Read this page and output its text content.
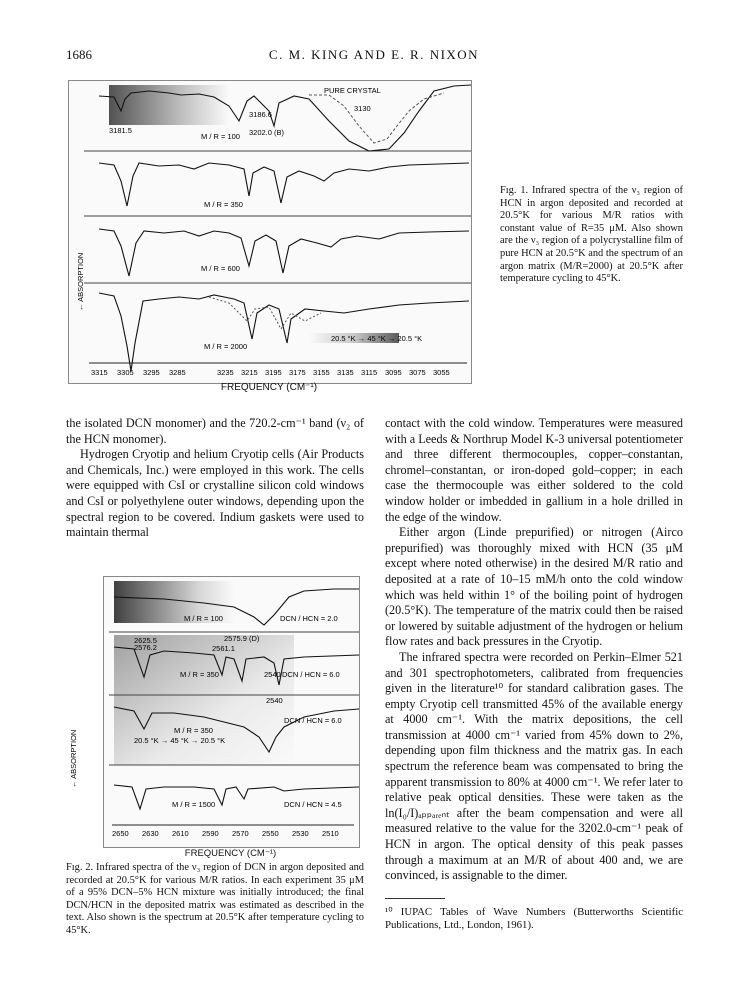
1686	C. M. KING AND E. R. NIXON
← ABSORPTION
M / R = 100
M / R = 350
M / R = 600
M / R = 2000
PURE CRYSTAL
3181.5	3202.0 (B)
3130
3186.6
20.5 °K → 45 °K → 20.5 °K
3315 3305 3295 3285	3235 3215 3195 3175 3155 3135 3115 3095 3075 3055
FREQUENCY (CM⁻¹)
Fıg. 1. Infrared spectra of the ν₃ region of HCN in argon deposited and recorded at 20.5°K for various M/R ratios with constant value of R=35 μM. Also shown are the ν₃ region of a polycrystalline film of pure HCN at 20.5°K and the spectrum of an argon matrix (M/R=2000) at 20.5°K after temperature cycling to 45°K.

the isolated DCN monomer) and the 720.2-cm⁻¹ band (ν₂ of the HCN monomer).

Hydrogen Cryotip and helium Cryotip cells (Air Products and Chemicals, Inc.) were employed in this work. The cells were equipped with CsI or crystalline silicon cold windows and CsI or polyethylene outer windows, depending upon the spectral region to be covered. Indium gaskets were used to maintain thermal

M / R = 100	DCN / HCN = 2.0
M / R = 350	DCN / HCN = 6.0
M / R = 350
20.5 °K → 45 °K → 20.5 °K
DCN / HCN = 6.0
M / R = 1500	DCN / HCN = 4.5
2625.5
2576.2
2575.9 (D)
2561.1
2540
2540
2650 2630 2610 2590 2570 2550 2530 2510
← ABSORPTION
FREQUENCY (CM⁻¹)
Fıg. 2. Infrared spectra of the ν₃ region of DCN in argon deposited and recorded at 20.5°K for various M/R ratios. In each experiment 35 μM of a 95% DCN–5% HCN mixture was initially introduced; the final DCN/HCN in the deposited matrix was estimated as described in the text. Also shown is the spectrum at 20.5°K after temperature cycling to 45°K.

contact with the cold window. Temperatures were measured with a Leeds & Northrup Model K-3 universal potentiometer and three different thermocouples, copper–constantan, chromel–constantan, or iron-doped gold–copper; in each case the thermocouple was either soldered to the cold window holder or imbedded in gallium in a hole drilled in the edge of the window.

Either argon (Linde prepurified) or nitrogen (Airco prepurified) was thoroughly mixed with HCN (35 μM except where noted otherwise) in the desired M/R ratio and deposited at a rate of 10–15 mM/h onto the cold window which was held within 1° of the boiling point of hydrogen (20.5°K). The temperature of the matrix could then be raised or lowered by suitable adjustment of the hydrogen or helium flow rates and back pressures in the Cryotip.

The infrared spectra were recorded on Perkin–Elmer 521 and 301 spectrophotometers, calibrated from frequencies given in the literature¹⁰ for standard calibration gases. The empty Cryotip cell transmitted 45% of the available energy at 4000 cm⁻¹. With the matrix depositions, the cell transmission at 4000 cm⁻¹ varied from 45% down to 2%, depending upon film thickness and the matrix gas. In each spectrum the reference beam was compensated to bring the apparent transmission to 80% at 4000 cm⁻¹. We refer later to relative peak optical densities. These were taken as the ln(I₀/I)ₐₚₚₐᵣₑₙₜ after the beam compensation and were all measured relative to the value for the 3202.0-cm⁻¹ peak of HCN in argon. The optical density of this peak passes through a maximum at an M/R of about 400 and, we are convinced, is assignable to the dimer.

¹⁰ IUPAC Tables of Wave Numbers (Butterworths Scientific Publications, Ltd., London, 1961).
